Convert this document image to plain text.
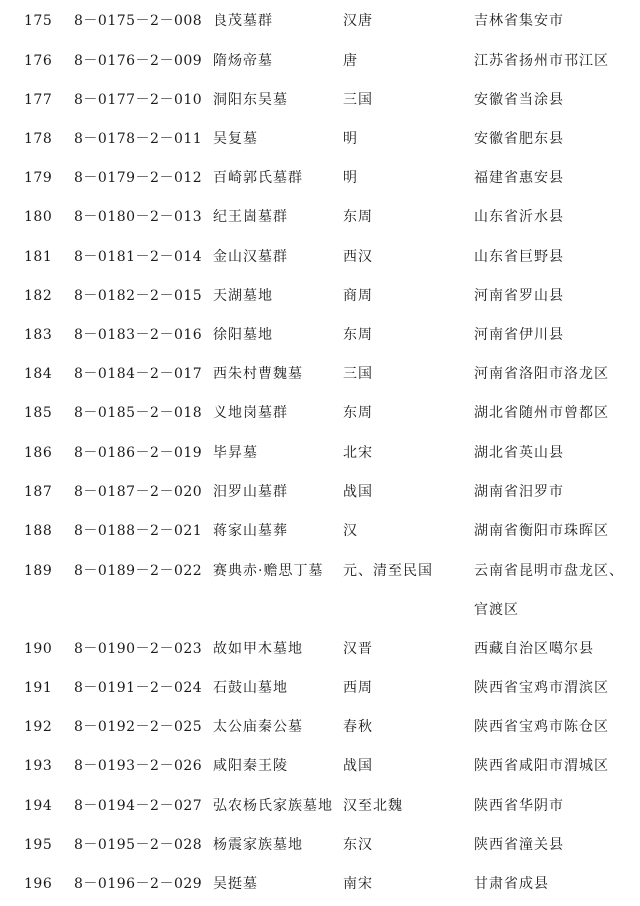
175 8－0175－2－008 良茂墓群	汉唐	吉林省集安市
176 8－0176－2－009 隋炀帝墓	唐	江苏省扬州市邗江区
177 8－0177－2－010 洞阳东吴墓	三国	安徽省当涂县
178 8－0178－2－011 吴复墓	明	安徽省肥东县
179 8－0179－2－012 百崎郭氏墓群	明	福建省惠安县
180 8－0180－2－013 纪王崮墓群	东周	山东省沂水县
181 8－0181－2－014 金山汉墓群	西汉	山东省巨野县
182 8－0182－2－015 天湖墓地	商周	河南省罗山县
183 8－0183－2－016 徐阳墓地	东周	河南省伊川县
184 8－0184－2－017 西朱村曹魏墓	三国	河南省洛阳市洛龙区
185 8－0185－2－018 义地岗墓群	东周	湖北省随州市曾都区
186 8－0186－2－019 毕昇墓	北宋	湖北省英山县
187 8－0187－2－020 汨罗山墓群	战国	湖南省汨罗市
188 8－0188－2－021 蒋家山墓葬	汉	湖南省衡阳市珠晖区
189 8－0189－2－022 赛典赤·赡思丁墓 元、清至民国	云南省昆明市盘龙区、
官渡区
190 8－0190－2－023 故如甲木墓地	汉晋	西藏自治区噶尔县
191 8－0191－2－024 石鼓山墓地	西周	陕西省宝鸡市渭滨区
192 8－0192－2－025 太公庙秦公墓	春秋	陕西省宝鸡市陈仓区
193 8－0193－2－026 咸阳秦王陵	战国	陕西省咸阳市渭城区
194 8－0194－2－027 弘农杨氏家族墓地 汉至北魏	陕西省华阴市
195 8－0195－2－028 杨震家族墓地	东汉	陕西省潼关县
196 8－0196－2－029 吴挺墓	南宋	甘肃省成县
